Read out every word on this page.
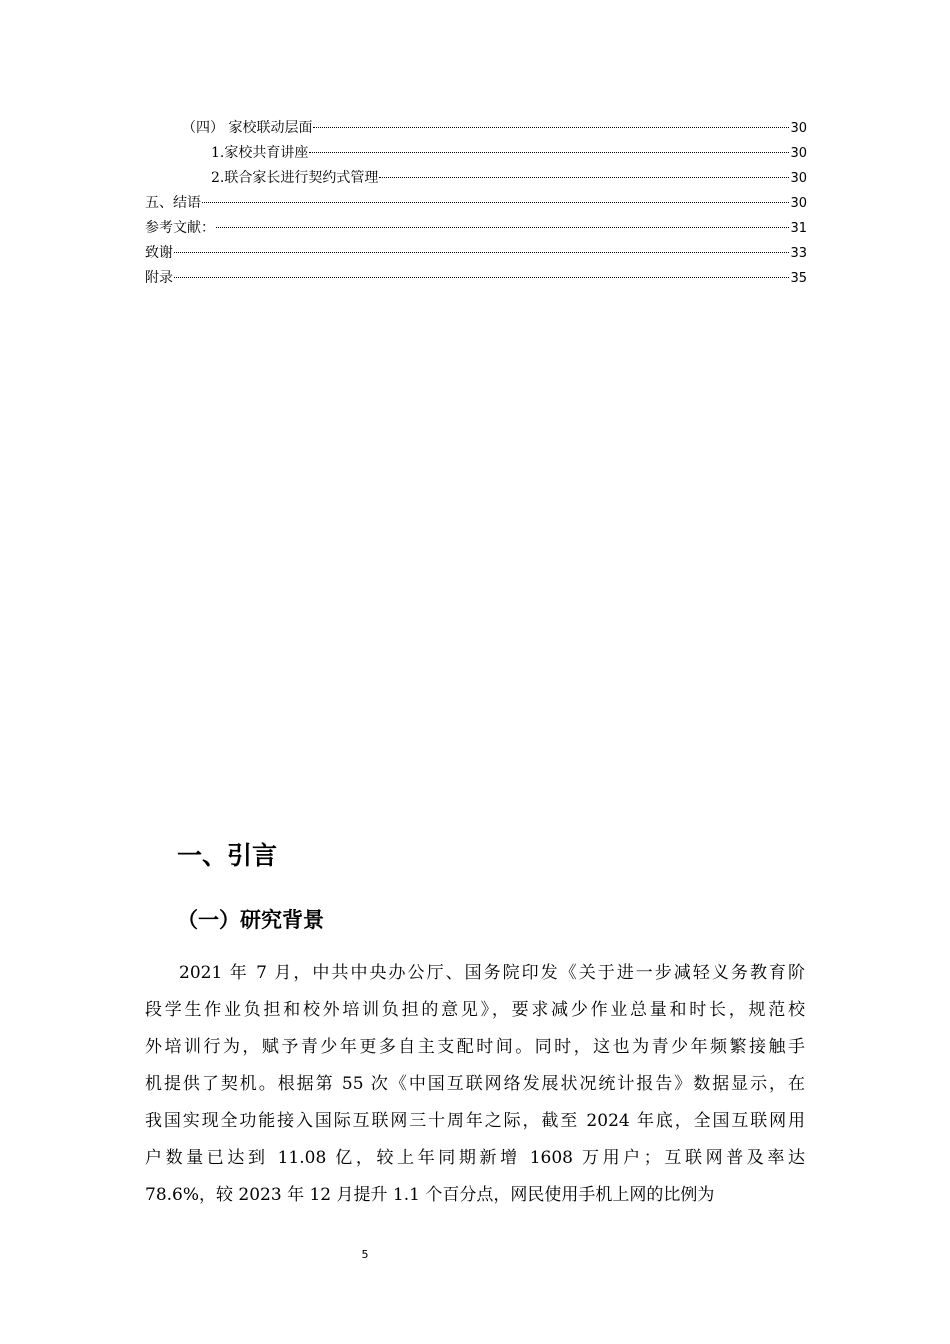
（四） 家校联动层面	30
1.家校共育讲座	30
2.联合家长进行契约式管理	30
五、结语	30
参考文献：	31
致谢	33
附录	35
一、引言
（一）研究背景
2021 年 7 月，中共中央办公厅、国务院印发《关于进一步减轻义务教育阶
段学生作业负担和校外培训负担的意见》，要求减少作业总量和时长，规范校
外培训行为，赋予青少年更多自主支配时间。同时，这也为青少年频繁接触手
机提供了契机。根据第 55 次《中国互联网络发展状况统计报告》数据显示，在
我国实现全功能接入国际互联网三十周年之际，截至 2024 年底，全国互联网用
户数量已达到 11.08 亿，较上年同期新增 1608 万用户；互联网普及率达
78.6%，较 2023 年 12 月提升 1.1 个百分点，网民使用手机上网的比例为
5
